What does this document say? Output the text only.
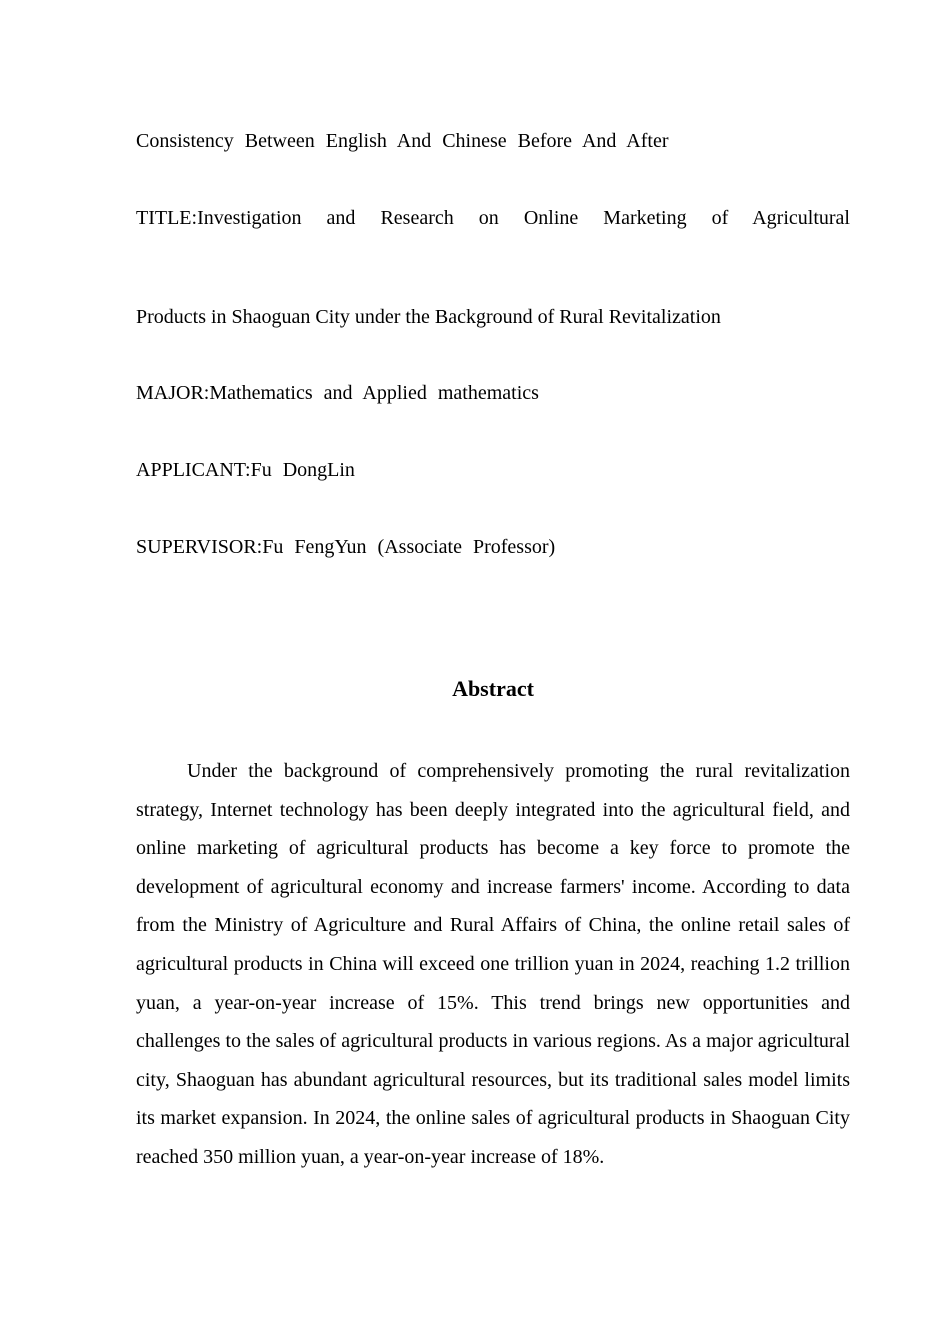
Consistency Between English And Chinese Before And After
TITLE:Investigation and Research on Online Marketing of Agricultural
Products in Shaoguan City under the Background of Rural Revitalization
MAJOR:Mathematics and Applied mathematics
APPLICANT:Fu DongLin
SUPERVISOR:Fu FengYun (Associate Professor)
Abstract

Under the background of comprehensively promoting the rural revitalization strategy, Internet technology has been deeply integrated into the agricultural field, and online marketing of agricultural products has become a key force to promote the development of agricultural economy and increase farmers' income. According to data from the Ministry of Agriculture and Rural Affairs of China, the online retail sales of agricultural products in China will exceed one trillion yuan in 2024, reaching 1.2 trillion yuan, a year-on-year increase of 15%. This trend brings new opportunities and challenges to the sales of agricultural products in various regions. As a major agricultural city, Shaoguan has abundant agricultural resources, but its traditional sales model limits its market expansion. In 2024, the online sales of agricultural products in Shaoguan City reached 350 million yuan, a year-on-year increase of 18%.
